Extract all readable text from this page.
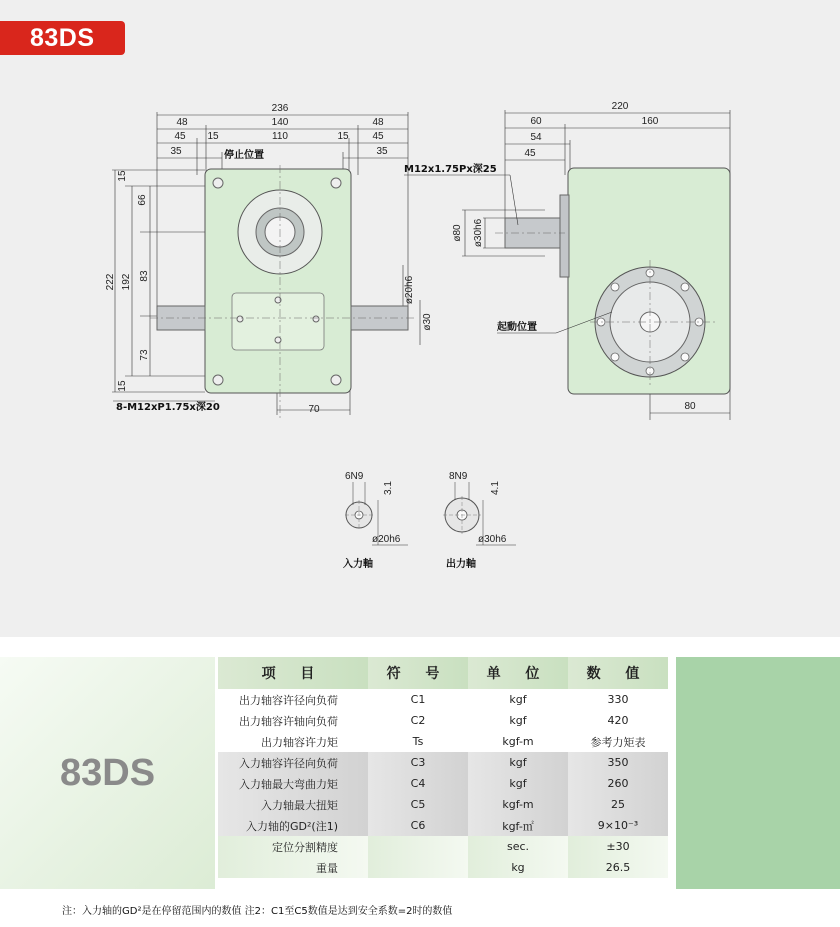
83DS
236
48	140	48
45 15	110	15 45
35	35
70
15
66
222 192 83
73
15
ø20h6
ø30
停止位置
8-M12xP1.75x深20
220
60	160
54
45
80
ø80 ø30h6
M12x1.75Px深25
起動位置
6N9
3.1
ø20h6
入力軸
8N9
4.1
ø30h6
出力軸
83DS
项 目	符 号	单 位	数 值
出力轴容许径向负荷	C1	kgf	330
出力轴容许轴向负荷	C2	kgf	420
出力轴容许力矩	Ts	kgf-m	参考力矩表
入力轴容许径向负荷	C3	kgf	350
入力轴最大弯曲力矩	C4	kgf	260
入力轴最大扭矩	C5	kgf-m	25
入力轴的GD²(注1)	C6	kgf-㎡	9×10⁻³
定位分割精度		sec.	±30
重量		kg	26.5
注：入力轴的GD²是在停留范围内的数值 注2：C1至C5数值是达到安全系数=2时的数值
